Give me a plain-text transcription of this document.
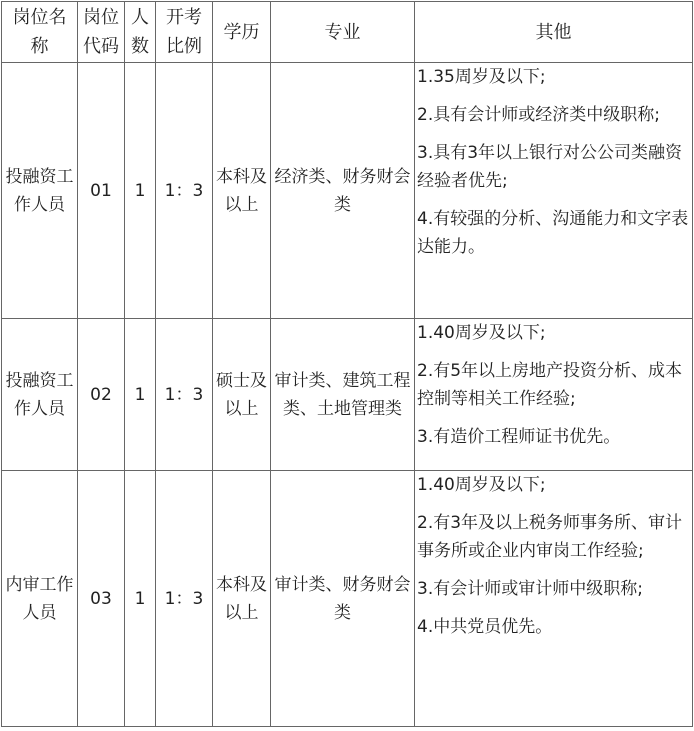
岗位名称	岗位代码	人数	开考比例	学历	专业	其他
投融资工作人员	01	1	1：3	本科及以上	经济类、财务财会类	1.35周岁及以下;

2.具有会计师或经济类中级职称;

3.具有3年以上银行对公公司类融资经验者优先;

4.有较强的分析、沟通能力和文字表达能力。

投融资工作人员	02	1	1：3	硕士及以上	审计类、建筑工程类、土地管理类	1.40周岁及以下;

2.有5年以上房地产投资分析、成本控制等相关工作经验;

3.有造价工程师证书优先。

内审工作人员	03	1	1：3	本科及以上	审计类、财务财会类	1.40周岁及以下;

2.有3年及以上税务师事务所、审计事务所或企业内审岗工作经验;

3.有会计师或审计师中级职称;

4.中共党员优先。
